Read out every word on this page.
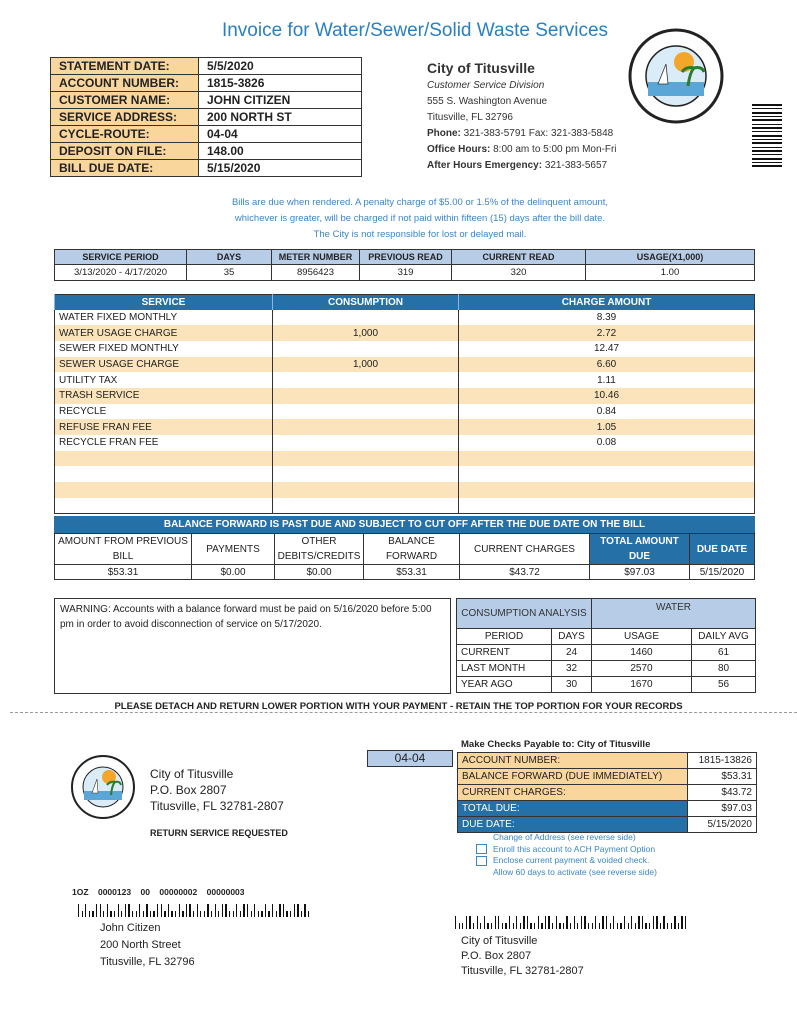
Invoice for Water/Sewer/Solid Waste Services
STATEMENT DATE:	5/5/2020
ACCOUNT NUMBER:	1815-3826
CUSTOMER NAME:	JOHN CITIZEN
SERVICE ADDRESS:	200 NORTH ST
CYCLE-ROUTE:	04-04
DEPOSIT ON FILE:	148.00
BILL DUE DATE:	5/15/2020
City of Titusville
Customer Service Division
555 S. Washington Avenue
Titusville, FL 32796
Phone: 321-383-5791 Fax: 321-383-5848
Office Hours: 8:00 am to 5:00 pm Mon-Fri
After Hours Emergency: 321-383-5657
Bills are due when rendered. A penalty charge of $5.00 or 1.5% of the delinquent amount,
whichever is greater, will be charged if not paid within fifteen (15) days after the bill date.
The City is not responsible for lost or delayed mail.
SERVICE PERIOD	DAYS	METER NUMBER	PREVIOUS READ	CURRENT READ	USAGE(X1,000)
3/13/2020 - 4/17/2020	35	8956423	319	320	1.00
SERVICE	CONSUMPTION	CHARGE AMOUNT
WATER FIXED MONTHLY		8.39
WATER USAGE CHARGE	1,000	2.72
SEWER FIXED MONTHLY		12.47
SEWER USAGE CHARGE	1,000	6.60
UTILITY TAX		1.11
TRASH SERVICE		10.46
RECYCLE		0.84
REFUSE FRAN FEE		1.05
RECYCLE FRAN FEE		0.08

BALANCE FORWARD IS PAST DUE AND SUBJECT TO CUT OFF AFTER THE DUE DATE ON THE BILL
AMOUNT FROM PREVIOUS BILL	PAYMENTS	OTHER DEBITS/CREDITS	BALANCE FORWARD	CURRENT CHARGES	TOTAL AMOUNT DUE	DUE DATE
$53.31	$0.00	$0.00	$53.31	$43.72	$97.03	5/15/2020
WARNING: Accounts with a balance forward must be paid on 5/16/2020 before 5:00 pm in order to avoid disconnection of service on 5/17/2020.
CONSUMPTION ANALYSIS		WATER	
PERIOD	DAYS	USAGE	DAILY AVG
CURRENT	24	1460	61
LAST MONTH	32	2570	80
YEAR AGO	30	1670	56
PLEASE DETACH AND RETURN LOWER PORTION WITH YOUR PAYMENT - RETAIN THE TOP PORTION FOR YOUR RECORDS
City of Titusville
P.O. Box 2807
Titusville, FL 32781-2807
RETURN SERVICE REQUESTED
Make Checks Payable to: City of Titusville
04-04	ACCOUNT NUMBER:	1815-13826
BALANCE FORWARD (DUE IMMEDIATELY)	$53.31
CURRENT CHARGES:	$43.72
TOTAL DUE:	$97.03
DUE DATE:	5/15/2020
Change of Address (see reverse side)
Enroll this account to ACH Payment Option
Enclose current payment & voided check.
Allow 60 days to activate (see reverse side)
1OZ    0000123    00    00000002    00000003
John Citizen
200 North Street
Titusville, FL 32796
City of Titusville
P.O. Box 2807
Titusville, FL 32781-2807
